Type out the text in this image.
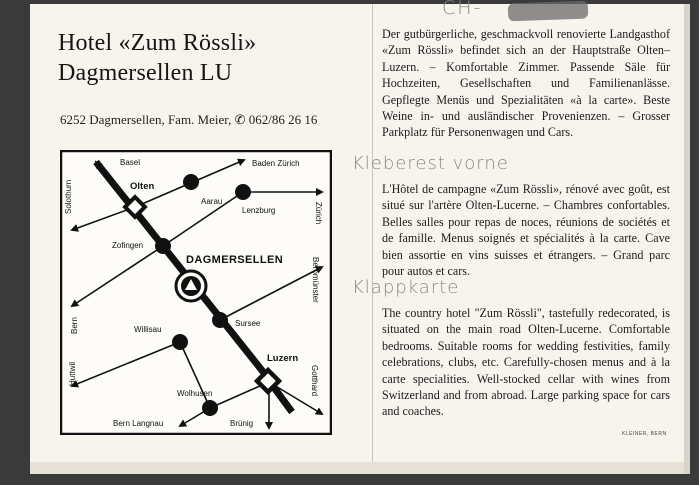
Hotel «Zum Rössli»
Dagmersellen LU
6252 Dagmersellen, Fam. Meier, ✆ 062/86 26 16
Basel	Baden Zürich
Olten
Aarau
Lenzburg	Zürich
Solothurn
Zofingen
DAGMERSELLEN
Bern
Beromünster
Willisau
Sursee
Luzern
Huttwil
Wolhusen	Gotthard
Bern Langnau	Brünig
Der gutbürgerliche, geschmackvoll renovierte Landgasthof «Zum Rössli» befindet sich an der Hauptstraße Olten–Luzern. – Komfortable Zimmer. Passende Säle für Hochzeiten, Gesellschaften und Familienanlässe. Gepflegte Menüs und Spezialitäten «à la carte». Beste Weine in- und ausländischer Provenienzen. – Grosser Parkplatz für Personenwagen und Cars.
L'Hôtel de campagne «Zum Rössli», rénové avec goût, est situé sur l'artère Olten-Lucerne. – Chambres confortables. Belles salles pour repas de noces, réunions de sociétés et de famille. Menus soignés et spécialités à la carte. Cave bien assortie en vins suisses et étrangers. – Grand parc pour autos et cars.
The country hotel "Zum Rössli", tastefully redecorated, is situated on the main road Olten-Lucerne. Comfortable bedrooms. Suitable rooms for wedding festivities, family celebrations, clubs, etc. Carefully-chosen menus and à la carte specialities. Well-stocked cellar with wines from Switzerland and from abroad. Large parking space for cars and coaches.
KLEINER, BERN
CH-
Kleberest vorne
Klappkarte
